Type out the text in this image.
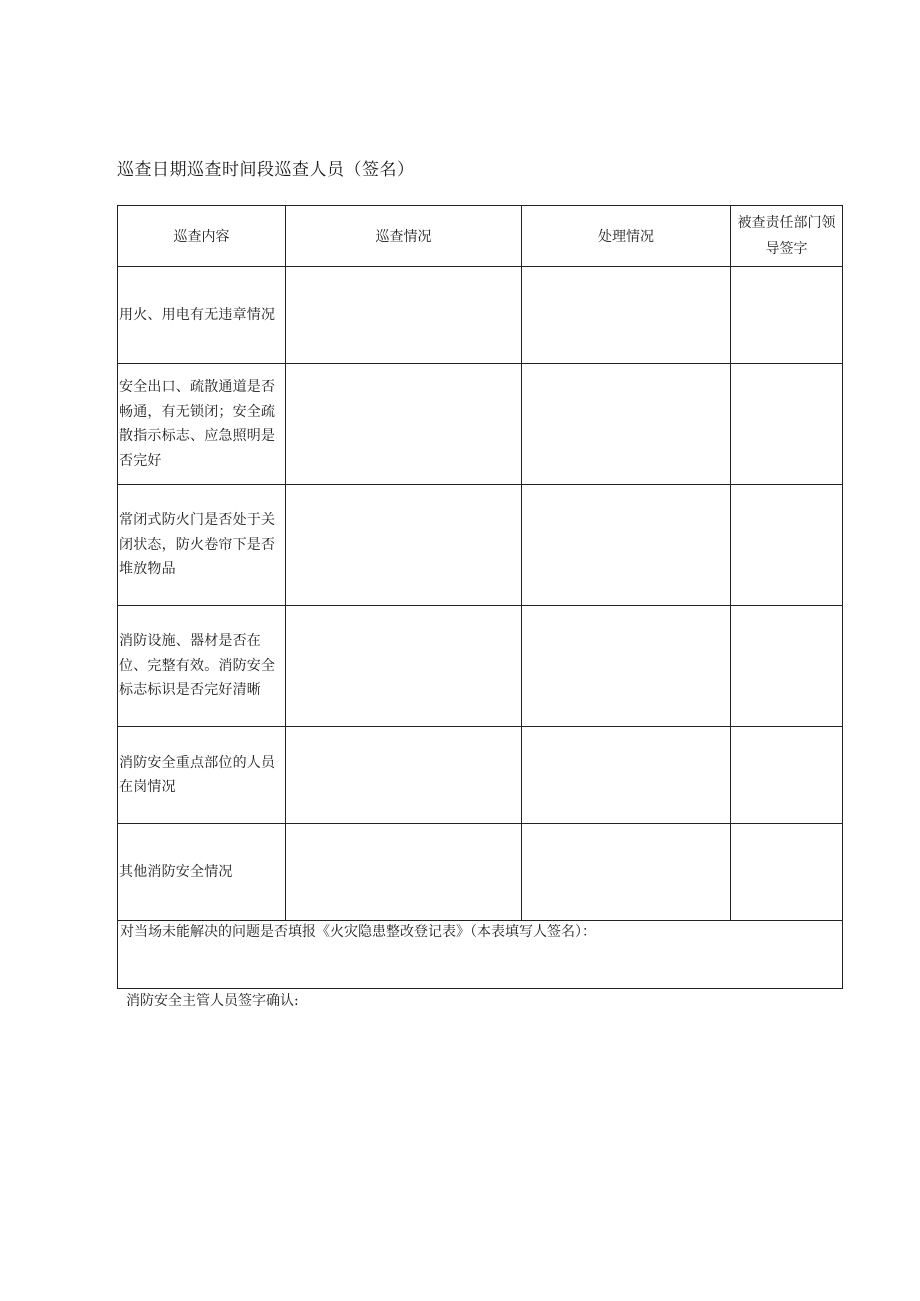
巡查日期巡查时间段巡查人员（签名）
巡查内容	巡查情况	处理情况	被查责任部门领导签字
用火、用电有无违章情况			
安全出口、疏散通道是否畅通，有无锁闭；安全疏散指示标志、应急照明是否完好			
常闭式防火门是否处于关闭状态，防火卷帘下是否堆放物品			
消防设施、器材是否在位、完整有效。消防安全标志标识是否完好清晰			
消防安全重点部位的人员在岗情况			
其他消防安全情况			
对当场未能解决的问题是否填报《火灾隐患整改登记表》（本表填写人签名）：			
消防安全主管人员签字确认:
